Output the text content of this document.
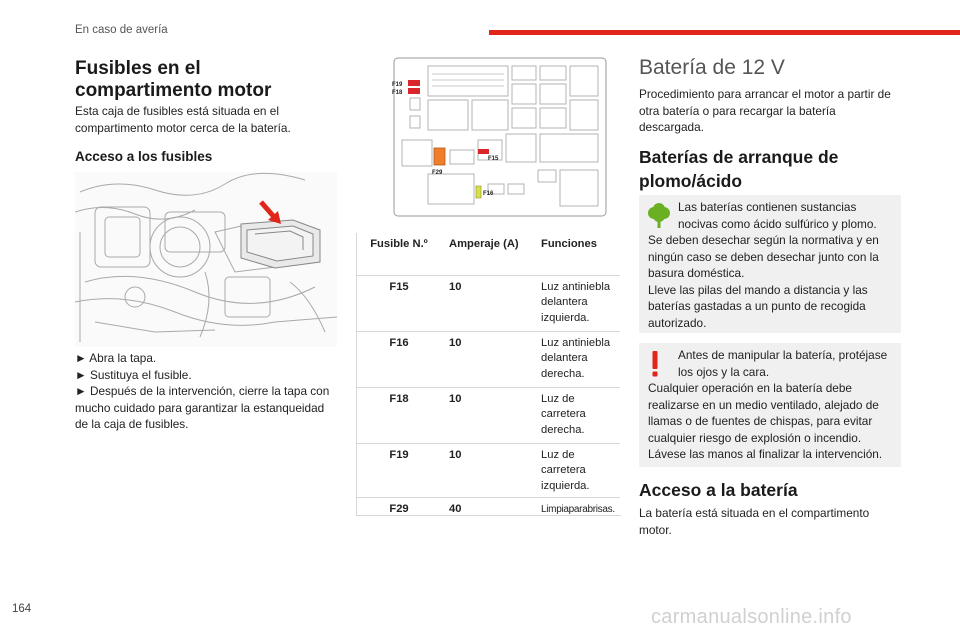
En caso de avería
Fusibles en el compartimento motor
Esta caja de fusibles está situada en el compartimento motor cerca de la batería.
Acceso a los fusibles
► Abra la tapa.
► Sustituya el fusible.
► Después de la intervención, cierre la tapa con mucho cuidado para garantizar la estanqueidad de la caja de fusibles.
F19
F18
F15
F29
F16
Fusible N.º	Amperaje (A)	Funciones
F15	10	Luz antiniebla delantera izquierda.
F16	10	Luz antiniebla delantera derecha.
F18	10	Luz de carretera derecha.
F19	10	Luz de carretera izquierda.
F29	40	Limpiaparabrisas.
Batería de 12 V
Procedimiento para arrancar el motor a partir de otra batería o para recargar la batería descargada.
Baterías de arranque de plomo/ácido
Las baterías contienen sustancias nocivas como ácido sulfúrico y plomo.
Se deben desechar según la normativa y en ningún caso se deben desechar junto con la basura doméstica.
Lleve las pilas del mando a distancia y las baterías gastadas a un punto de recogida autorizado.
Antes de manipular la batería, protéjase los ojos y la cara.
Cualquier operación en la batería debe realizarse en un medio ventilado, alejado de llamas o de fuentes de chispas, para evitar cualquier riesgo de explosión o incendio.
Lávese las manos al finalizar la intervención.
Acceso a la batería
La batería está situada en el compartimento motor.
164	carmanualsonline.info
